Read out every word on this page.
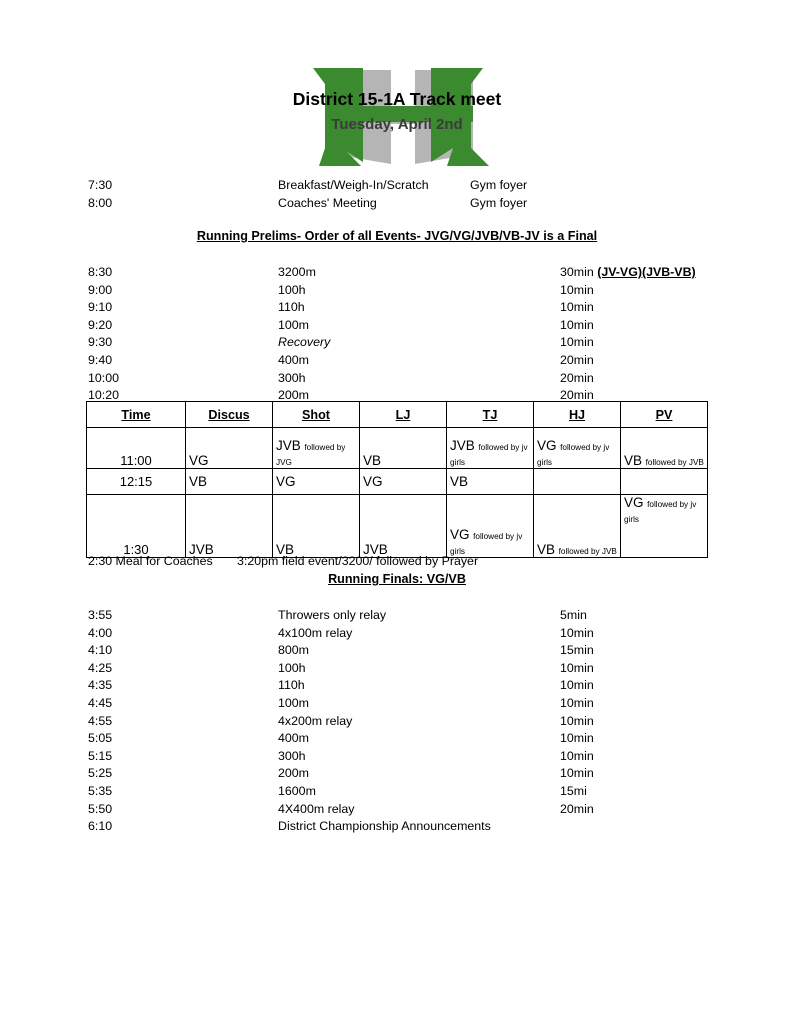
District 15-1A Track meet
Tuesday, April 2nd
7:30	Breakfast/Weigh-In/Scratch	Gym foyer
8:00	Coaches' Meeting	Gym foyer
Running Prelims- Order of all Events- JVG/VG/JVB/VB-JV is a Final
8:30	3200m	30min (JV-VG)(JVB-VB)
9:00	100h	10min
9:10	110h	10min
9:20	100m	10min
9:30	Recovery	10min
9:40	400m	20min
10:00	300h	20min
10:20	200m	20min
Time	Discus	Shot	LJ	TJ	HJ	PV
11:00	VG	JVB followed by JVG	VB	JVB followed by jv girls	VG followed by jv girls	VB followed by JVB
12:15	VB	VG	VG	VB		
1:30	JVB	VB	JVB	VG followed by jv girls	VB followed by JVB	VG followed by jv girls
2:30 Meal for Coaches 3:20pm field event/3200/ followed by Prayer
Running Finals: VG/VB
3:55	Throwers only relay	5min
4:00	4x100m relay	10min
4:10	800m	15min
4:25	100h	10min
4:35	110h	10min
4:45	100m	10min
4:55	4x200m relay	10min
5:05	400m	10min
5:15	300h	10min
5:25	200m	10min
5:35	1600m	15mi
5:50	4X400m relay	20min
6:10	District Championship Announcements
